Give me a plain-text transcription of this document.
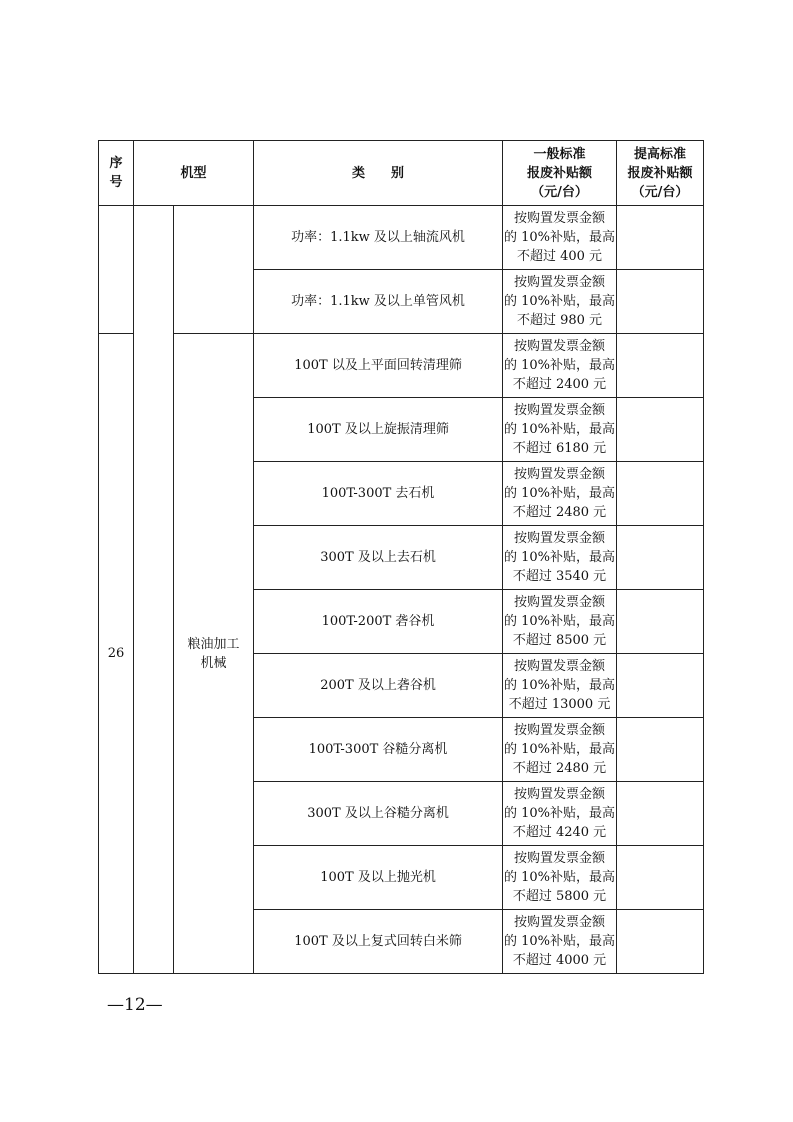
序
号	机型		类　　别	一般标准
报废补贴额
（元/台）	提高标准
报废补贴额
（元/台）

			功率：1.1kw 及以上轴流风机	按购置发票金额
的 10%补贴，最高
不超过 400 元	

			功率：1.1kw 及以上单管风机	按购置发票金额
的 10%补贴，最高
不超过 980 元	

26		粮油加工
机械	100T 以及上平面回转清理筛	按购置发票金额
的 10%补贴，最高
不超过 2400 元	

			100T 及以上旋振清理筛	按购置发票金额
的 10%补贴，最高
不超过 6180 元	

			100T-300T 去石机	按购置发票金额
的 10%补贴，最高
不超过 2480 元	

			300T 及以上去石机	按购置发票金额
的 10%补贴，最高
不超过 3540 元	

			100T-200T 砻谷机	按购置发票金额
的 10%补贴，最高
不超过 8500 元	

			200T 及以上砻谷机	按购置发票金额
的 10%补贴，最高
不超过 13000 元	

			100T-300T 谷糙分离机	按购置发票金额
的 10%补贴，最高
不超过 2480 元	

			300T 及以上谷糙分离机	按购置发票金额
的 10%补贴，最高
不超过 4240 元	

			100T 及以上抛光机	按购置发票金额
的 10%补贴，最高
不超过 5800 元	

			100T 及以上复式回转白米筛	按购置发票金额
的 10%补贴，最高
不超过 4000 元	

—12—
